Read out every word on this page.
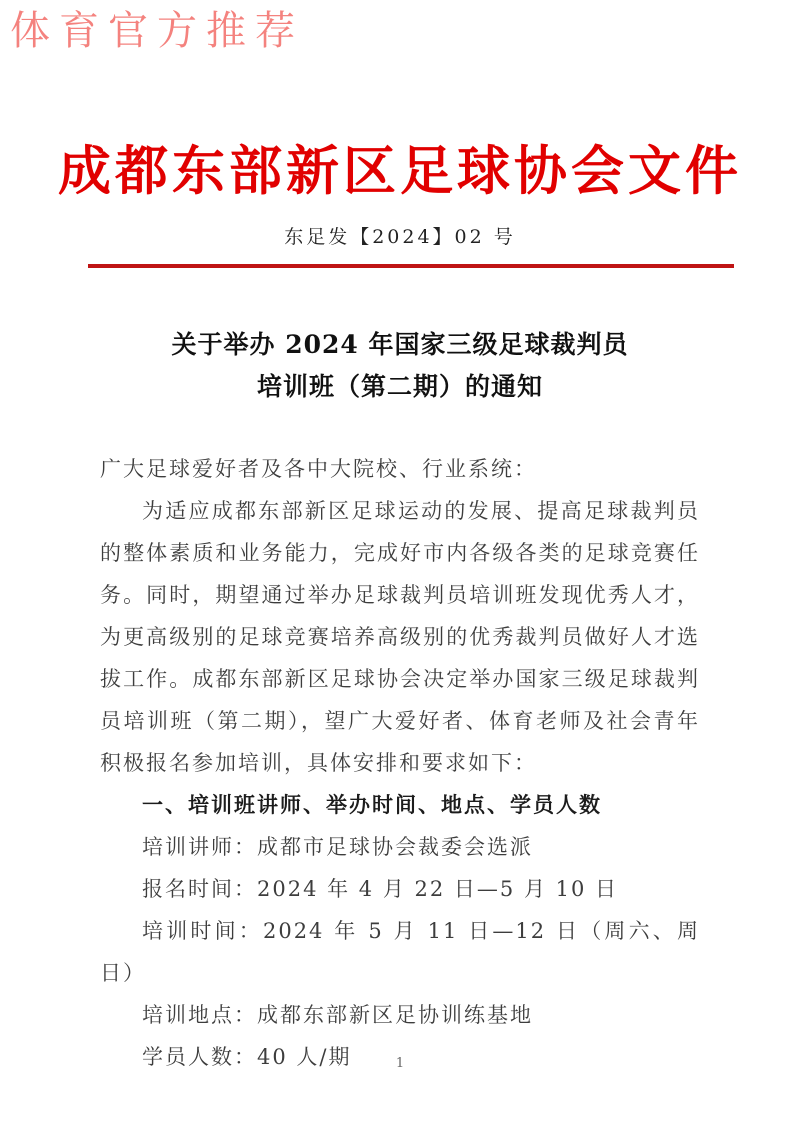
体育官方推荐
成都东部新区足球协会文件
东足发【2024】02 号
关于举办 2024 年国家三级足球裁判员
培训班（第二期）的通知

广大足球爱好者及各中大院校、行业系统：

为适应成都东部新区足球运动的发展、提高足球裁判员的整体素质和业务能力，完成好市内各级各类的足球竞赛任务。同时，期望通过举办足球裁判员培训班发现优秀人才，为更高级别的足球竞赛培养高级别的优秀裁判员做好人才选拔工作。成都东部新区足球协会决定举办国家三级足球裁判员培训班（第二期），望广大爱好者、体育老师及社会青年积极报名参加培训，具体安排和要求如下：

一、培训班讲师、举办时间、地点、学员人数

培训讲师：成都市足球协会裁委会选派

报名时间：2024 年 4 月 22 日—5 月 10 日

培训时间：2024 年 5 月 11 日—12 日（周六、周日）

培训地点：成都东部新区足协训练基地

学员人数：40 人/期	1
